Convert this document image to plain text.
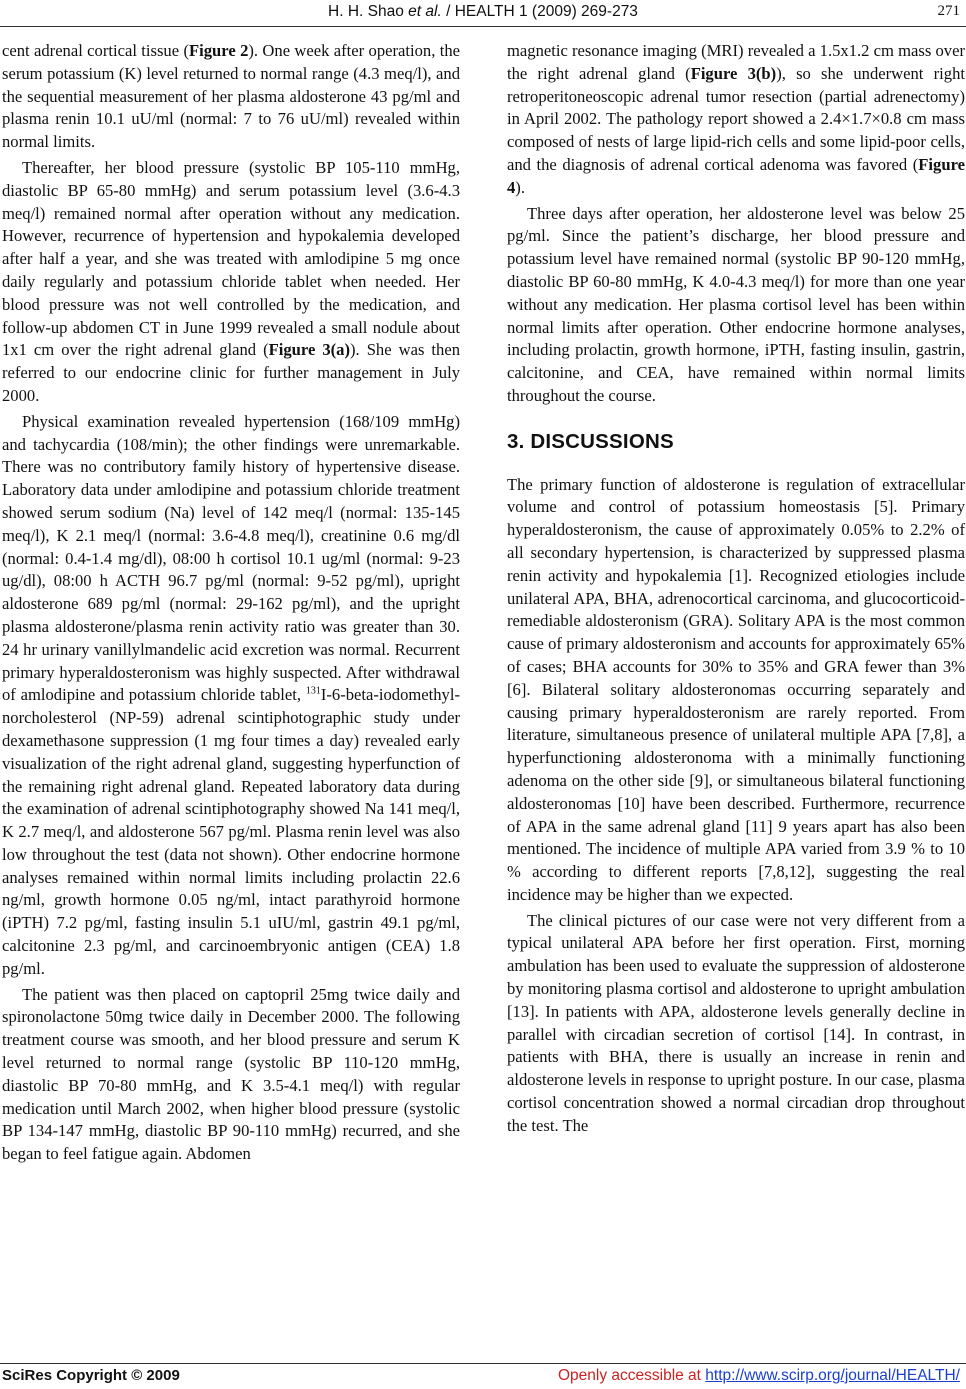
H. H. Shao et al. / HEALTH 1 (2009) 269-273	271

cent adrenal cortical tissue (Figure 2). One week after operation, the serum potassium (K) level returned to normal range (4.3 meq/l), and the sequential measurement of her plasma aldosterone 43 pg/ml and plasma renin 10.1 uU/ml (normal: 7 to 76 uU/ml) revealed within normal limits.

Thereafter, her blood pressure (systolic BP 105-110 mmHg, diastolic BP 65-80 mmHg) and serum potassium level (3.6-4.3 meq/l) remained normal after operation without any medication. However, recurrence of hypertension and hypokalemia developed after half a year, and she was treated with amlodipine 5 mg once daily regularly and potassium chloride tablet when needed. Her blood pressure was not well controlled by the medication, and follow-up abdomen CT in June 1999 revealed a small nodule about 1x1 cm over the right adrenal gland (Figure 3(a)). She was then referred to our endocrine clinic for further management in July 2000.

Physical examination revealed hypertension (168/109 mmHg) and tachycardia (108/min); the other findings were unremarkable. There was no contributory family history of hypertensive disease. Laboratory data under amlodipine and potassium chloride treatment showed serum sodium (Na) level of 142 meq/l (normal: 135-145 meq/l), K 2.1 meq/l (normal: 3.6-4.8 meq/l), creatinine 0.6 mg/dl (normal: 0.4-1.4 mg/dl), 08:00 h cortisol 10.1 ug/ml (normal: 9-23 ug/dl), 08:00 h ACTH 96.7 pg/ml (normal: 9-52 pg/ml), upright aldosterone 689 pg/ml (normal: 29-162 pg/ml), and the upright plasma aldosterone/plasma renin activity ratio was greater than 30. 24 hr urinary vanillylmandelic acid excretion was normal. Recurrent primary hyperaldosteronism was highly suspected. After withdrawal of amlodipine and potassium chloride tablet, $^{131}$I-6-beta-iodomethyl-norcholesterol (NP-59) adrenal scintiphotographic study under dexamethasone suppression (1 mg four times a day) revealed early visualization of the right adrenal gland, suggesting hyperfunction of the remaining right adrenal gland. Repeated laboratory data during the examination of adrenal scintiphotography showed Na 141 meq/l, K 2.7 meq/l, and aldosterone 567 pg/ml. Plasma renin level was also low throughout the test (data not shown). Other endocrine hormone analyses remained within normal limits including prolactin 22.6 ng/ml, growth hormone 0.05 ng/ml, intact parathyroid hormone (iPTH) 7.2 pg/ml, fasting insulin 5.1 uIU/ml, gastrin 49.1 pg/ml, calcitonine 2.3 pg/ml, and carcinoembryonic antigen (CEA) 1.8 pg/ml.

The patient was then placed on captopril 25mg twice daily and spironolactone 50mg twice daily in December 2000. The following treatment course was smooth, and her blood pressure and serum K level returned to normal range (systolic BP 110-120 mmHg, diastolic BP 70-80 mmHg, and K 3.5-4.1 meq/l) with regular medication until March 2002, when higher blood pressure (systolic BP 134-147 mmHg, diastolic BP 90-110 mmHg) recurred, and she began to feel fatigue again. Abdomen

magnetic resonance imaging (MRI) revealed a 1.5x1.2 cm mass over the right adrenal gland (Figure 3(b)), so she underwent right retroperitoneoscopic adrenal tumor resection (partial adrenectomy) in April 2002. The pathology report showed a 2.4×1.7×0.8 cm mass composed of nests of large lipid-rich cells and some lipid-poor cells, and the diagnosis of adrenal cortical adenoma was favored (Figure 4).

Three days after operation, her aldosterone level was below 25 pg/ml. Since the patient’s discharge, her blood pressure and potassium level have remained normal (systolic BP 90-120 mmHg, diastolic BP 60-80 mmHg, K 4.0-4.3 meq/l) for more than one year without any medication. Her plasma cortisol level has been within normal limits after operation. Other endocrine hormone analyses, including prolactin, growth hormone, iPTH, fasting insulin, gastrin, calcitonine, and CEA, have remained within normal limits throughout the course.

3. DISCUSSIONS

The primary function of aldosterone is regulation of extracellular volume and control of potassium homeostasis [5]. Primary hyperaldosteronism, the cause of approximately 0.05% to 2.2% of all secondary hypertension, is characterized by suppressed plasma renin activity and hypokalemia [1]. Recognized etiologies include unilateral APA, BHA, adrenocortical carcinoma, and glucocorticoid-remediable aldosteronism (GRA). Solitary APA is the most common cause of primary aldosteronism and accounts for approximately 65% of cases; BHA accounts for 30% to 35% and GRA fewer than 3% [6]. Bilateral solitary aldosteronomas occurring separately and causing primary hyperaldosteronism are rarely reported. From literature, simultaneous presence of unilateral multiple APA [7,8], a hyperfunctioning aldosteronoma with a minimally functioning adenoma on the other side [9], or simultaneous bilateral functioning aldosteronomas [10] have been described. Furthermore, recurrence of APA in the same adrenal gland [11] 9 years apart has also been mentioned. The incidence of multiple APA varied from 3.9 % to 10 % according to different reports [7,8,12], suggesting the real incidence may be higher than we expected.

The clinical pictures of our case were not very different from a typical unilateral APA before her first operation. First, morning ambulation has been used to evaluate the suppression of aldosterone by monitoring plasma cortisol and aldosterone to upright ambulation [13]. In patients with APA, aldosterone levels generally decline in parallel with circadian secretion of cortisol [14]. In contrast, in patients with BHA, there is usually an increase in renin and aldosterone levels in response to upright posture. In our case, plasma cortisol concentration showed a normal circadian drop throughout the test. The

SciRes Copyright © 2009	Openly accessible at http://www.scirp.org/journal/HEALTH/
